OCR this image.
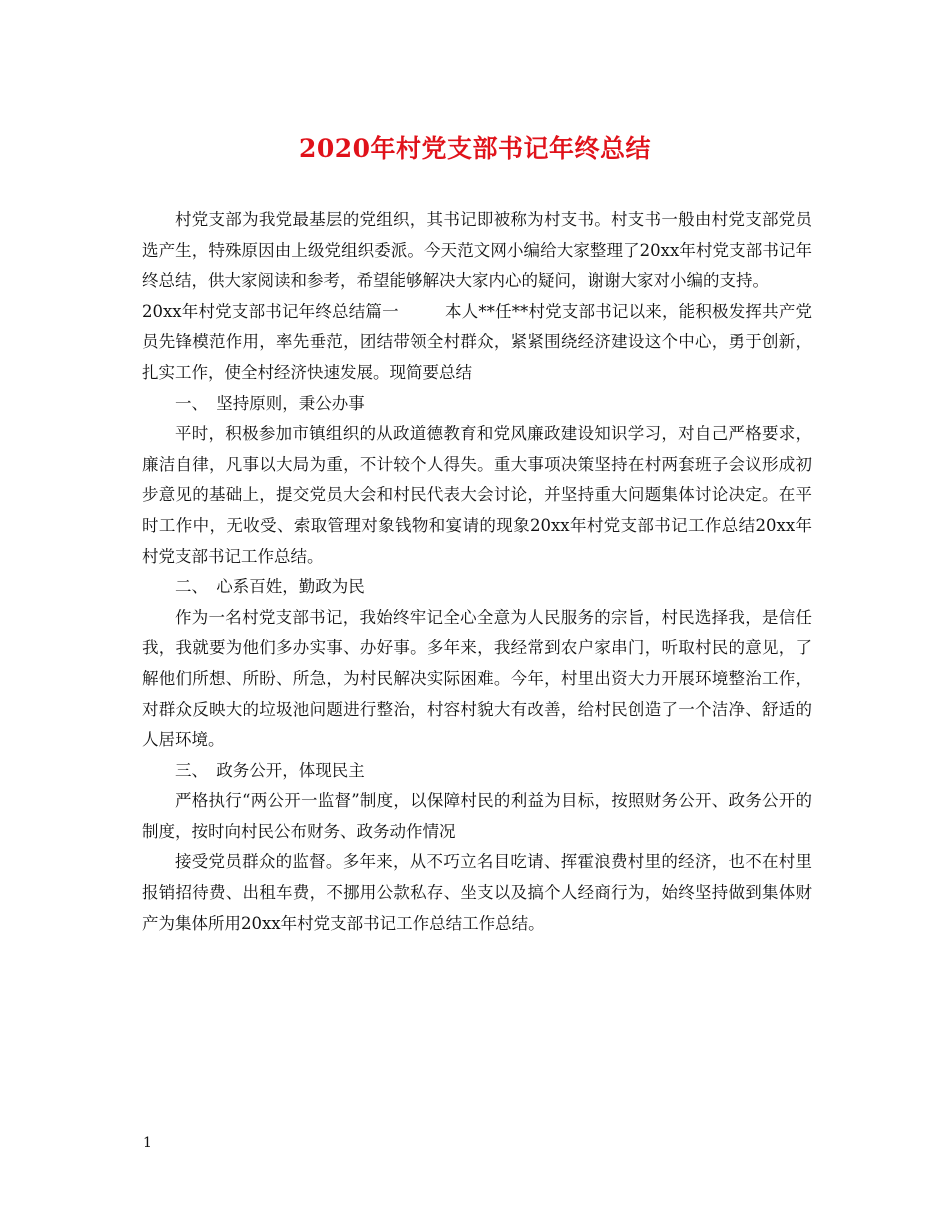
2020年村党支部书记年终总结

村党支部为我党最基层的党组织，其书记即被称为村支书。村支书一般由村党支部党员选产生，特殊原因由上级党组织委派。今天范文网小编给大家整理了20xx年村党支部书记年终总结，供大家阅读和参考，希望能够解决大家内心的疑问，谢谢大家对小编的支持。

20xx年村党支部书记年终总结篇一	本人**任**村党支部书记以来，能积极发挥共产党员先锋模范作用，率先垂范，团结带领全村群众，紧紧围绕经济建设这个中心，勇于创新，扎实工作，使全村经济快速发展。现简要总结

一、　坚持原则，秉公办事

平时，积极参加市镇组织的从政道德教育和党风廉政建设知识学习，对自己严格要求，廉洁自律，凡事以大局为重，不计较个人得失。重大事项决策坚持在村两套班子会议形成初步意见的基础上，提交党员大会和村民代表大会讨论，并坚持重大问题集体讨论决定。在平时工作中，无收受、索取管理对象钱物和宴请的现象20xx年村党支部书记工作总结20xx年村党支部书记工作总结。

二、　心系百姓，勤政为民

作为一名村党支部书记，我始终牢记全心全意为人民服务的宗旨，村民选择我，是信任我，我就要为他们多办实事、办好事。多年来，我经常到农户家串门，听取村民的意见，了解他们所想、所盼、所急，为村民解决实际困难。今年，村里出资大力开展环境整治工作，对群众反映大的垃圾池问题进行整治，村容村貌大有改善，给村民创造了一个洁净、舒适的人居环境。

三、　政务公开，体现民主

严格执行“两公开一监督”制度，以保障村民的利益为目标，按照财务公开、政务公开的制度，按时向村民公布财务、政务动作情况

接受党员群众的监督。多年来，从不巧立名目吃请、挥霍浪费村里的经济，也不在村里报销招待费、出租车费，不挪用公款私存、坐支以及搞个人经商行为，始终坚持做到集体财产为集体所用20xx年村党支部书记工作总结工作总结。

1
